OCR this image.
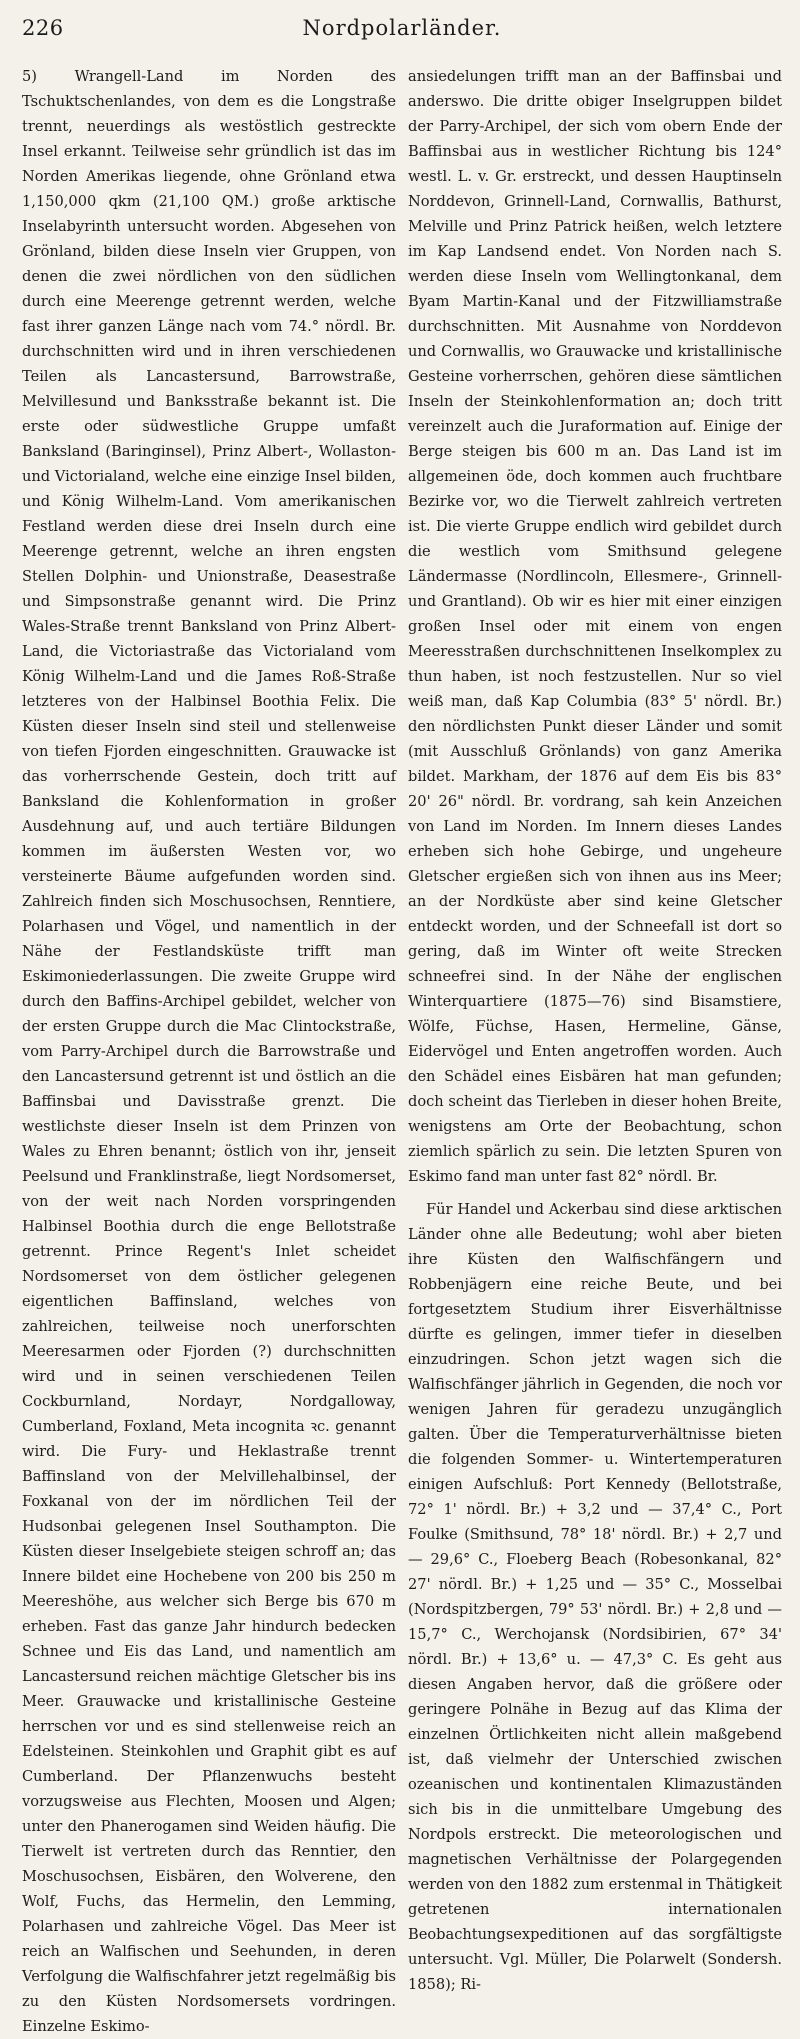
226	Nordpolarländer.

5) Wrangell-Land im Norden des Tschuktschenlandes, von dem es die Longstraße trennt, neuerdings als westöstlich gestreckte Insel erkannt. Teilweise sehr gründlich ist das im Norden Amerikas liegende, ohne Grönland etwa 1,150,000 qkm (21,100 QM.) große arktische Inselabyrinth untersucht worden. Abgesehen von Grönland, bilden diese Inseln vier Gruppen, von denen die zwei nördlichen von den südlichen durch eine Meerenge getrennt werden, welche fast ihrer ganzen Länge nach vom 74.° nördl. Br. durchschnitten wird und in ihren verschiedenen Teilen als Lancastersund, Barrowstraße, Melvillesund und Banksstraße bekannt ist. Die erste oder südwestliche Gruppe umfaßt Banksland (Baringinsel), Prinz Albert-, Wollaston- und Victorialand, welche eine einzige Insel bilden, und König Wilhelm-Land. Vom amerikanischen Festland werden diese drei Inseln durch eine Meerenge getrennt, welche an ihren engsten Stellen Dolphin- und Unionstraße, Deasestraße und Simpsonstraße genannt wird. Die Prinz Wales-Straße trennt Banksland von Prinz Albert-Land, die Victoriastraße das Victorialand vom König Wilhelm-Land und die James Roß-Straße letzteres von der Halbinsel Boothia Felix. Die Küsten dieser Inseln sind steil und stellenweise von tiefen Fjorden eingeschnitten. Grauwacke ist das vorherrschende Gestein, doch tritt auf Banksland die Kohlenformation in großer Ausdehnung auf, und auch tertiäre Bildungen kommen im äußersten Westen vor, wo versteinerte Bäume aufgefunden worden sind. Zahlreich finden sich Moschusochsen, Renntiere, Polarhasen und Vögel, und namentlich in der Nähe der Festlandsküste trifft man Eskimoniederlassungen. Die zweite Gruppe wird durch den Baffins-Archipel gebildet, welcher von der ersten Gruppe durch die Mac Clintockstraße, vom Parry-Archipel durch die Barrowstraße und den Lancastersund getrennt ist und östlich an die Baffinsbai und Davisstraße grenzt. Die westlichste dieser Inseln ist dem Prinzen von Wales zu Ehren benannt; östlich von ihr, jenseit Peelsund und Franklinstraße, liegt Nordsomerset, von der weit nach Norden vorspringenden Halbinsel Boothia durch die enge Bellotstraße getrennt. Prince Regent's Inlet scheidet Nordsomerset von dem östlicher gelegenen eigentlichen Baffinsland, welches von zahlreichen, teilweise noch unerforschten Meeresarmen oder Fjorden (?) durchschnitten wird und in seinen verschiedenen Teilen Cockburnland, Nordayr, Nordgalloway, Cumberland, Foxland, Meta incognita ꝛc. genannt wird. Die Fury- und Heklastraße trennt Baffinsland von der Melvillehalbinsel, der Foxkanal von der im nördlichen Teil der Hudsonbai gelegenen Insel Southampton. Die Küsten dieser Inselgebiete steigen schroff an; das Innere bildet eine Hochebene von 200 bis 250 m Meereshöhe, aus welcher sich Berge bis 670 m erheben. Fast das ganze Jahr hindurch bedecken Schnee und Eis das Land, und namentlich am Lancastersund reichen mächtige Gletscher bis ins Meer. Grauwacke und kristallinische Gesteine herrschen vor und es sind stellenweise reich an Edelsteinen. Steinkohlen und Graphit gibt es auf Cumberland. Der Pflanzenwuchs besteht vorzugsweise aus Flechten, Moosen und Algen; unter den Phanerogamen sind Weiden häufig. Die Tierwelt ist vertreten durch das Renntier, den Moschusochsen, Eisbären, den Wolverene, den Wolf, Fuchs, das Hermelin, den Lemming, Polarhasen und zahlreiche Vögel. Das Meer ist reich an Walfischen und Seehunden, in deren Verfolgung die Walfischfahrer jetzt regelmäßig bis zu den Küsten Nordsomersets vordringen. Einzelne Eskimo-

ansiedelungen trifft man an der Baffinsbai und anderswo. Die dritte obiger Inselgruppen bildet der Parry-Archipel, der sich vom obern Ende der Baffinsbai aus in westlicher Richtung bis 124° westl. L. v. Gr. erstreckt, und dessen Hauptinseln Norddevon, Grinnell-Land, Cornwallis, Bathurst, Melville und Prinz Patrick heißen, welch letztere im Kap Landsend endet. Von Norden nach S. werden diese Inseln vom Wellingtonkanal, dem Byam Martin-Kanal und der Fitzwilliamstraße durchschnitten. Mit Ausnahme von Norddevon und Cornwallis, wo Grauwacke und kristallinische Gesteine vorherrschen, gehören diese sämtlichen Inseln der Steinkohlenformation an; doch tritt vereinzelt auch die Juraformation auf. Einige der Berge steigen bis 600 m an. Das Land ist im allgemeinen öde, doch kommen auch fruchtbare Bezirke vor, wo die Tierwelt zahlreich vertreten ist. Die vierte Gruppe endlich wird gebildet durch die westlich vom Smithsund gelegene Ländermasse (Nordlincoln, Ellesmere-, Grinnell- und Grantland). Ob wir es hier mit einer einzigen großen Insel oder mit einem von engen Meeresstraßen durchschnittenen Inselkomplex zu thun haben, ist noch festzustellen. Nur so viel weiß man, daß Kap Columbia (83° 5' nördl. Br.) den nördlichsten Punkt dieser Länder und somit (mit Ausschluß Grönlands) von ganz Amerika bildet. Markham, der 1876 auf dem Eis bis 83° 20' 26" nördl. Br. vordrang, sah kein Anzeichen von Land im Norden. Im Innern dieses Landes erheben sich hohe Gebirge, und ungeheure Gletscher ergießen sich von ihnen aus ins Meer; an der Nordküste aber sind keine Gletscher entdeckt worden, und der Schneefall ist dort so gering, daß im Winter oft weite Strecken schneefrei sind. In der Nähe der englischen Winterquartiere (1875—76) sind Bisamstiere, Wölfe, Füchse, Hasen, Hermeline, Gänse, Eidervögel und Enten angetroffen worden. Auch den Schädel eines Eisbären hat man gefunden; doch scheint das Tierleben in dieser hohen Breite, wenigstens am Orte der Beobachtung, schon ziemlich spärlich zu sein. Die letzten Spuren von Eskimo fand man unter fast 82° nördl. Br.

Für Handel und Ackerbau sind diese arktischen Länder ohne alle Bedeutung; wohl aber bieten ihre Küsten den Walfischfängern und Robbenjägern eine reiche Beute, und bei fortgesetztem Studium ihrer Eisverhältnisse dürfte es gelingen, immer tiefer in dieselben einzudringen. Schon jetzt wagen sich die Walfischfänger jährlich in Gegenden, die noch vor wenigen Jahren für geradezu unzugänglich galten. Über die Temperaturverhältnisse bieten die folgenden Sommer- u. Wintertemperaturen einigen Aufschluß: Port Kennedy (Bellotstraße, 72° 1' nördl. Br.) + 3,2 und — 37,4° C., Port Foulke (Smithsund, 78° 18' nördl. Br.) + 2,7 und — 29,6° C., Floeberg Beach (Robesonkanal, 82° 27' nördl. Br.) + 1,25 und — 35° C., Mosselbai (Nordspitzbergen, 79° 53' nördl. Br.) + 2,8 und — 15,7° C., Werchojansk (Nordsibirien, 67° 34' nördl. Br.) + 13,6° u. — 47,3° C. Es geht aus diesen Angaben hervor, daß die größere oder geringere Polnähe in Bezug auf das Klima der einzelnen Örtlichkeiten nicht allein maßgebend ist, daß vielmehr der Unterschied zwischen ozeanischen und kontinentalen Klimazuständen sich bis in die unmittelbare Umgebung des Nordpols erstreckt. Die meteorologischen und magnetischen Verhältnisse der Polargegenden werden von den 1882 zum erstenmal in Thätigkeit getretenen internationalen Beobachtungsexpeditionen auf das sorgfältigste untersucht. Vgl. Müller, Die Polarwelt (Sondersh. 1858); Ri-
